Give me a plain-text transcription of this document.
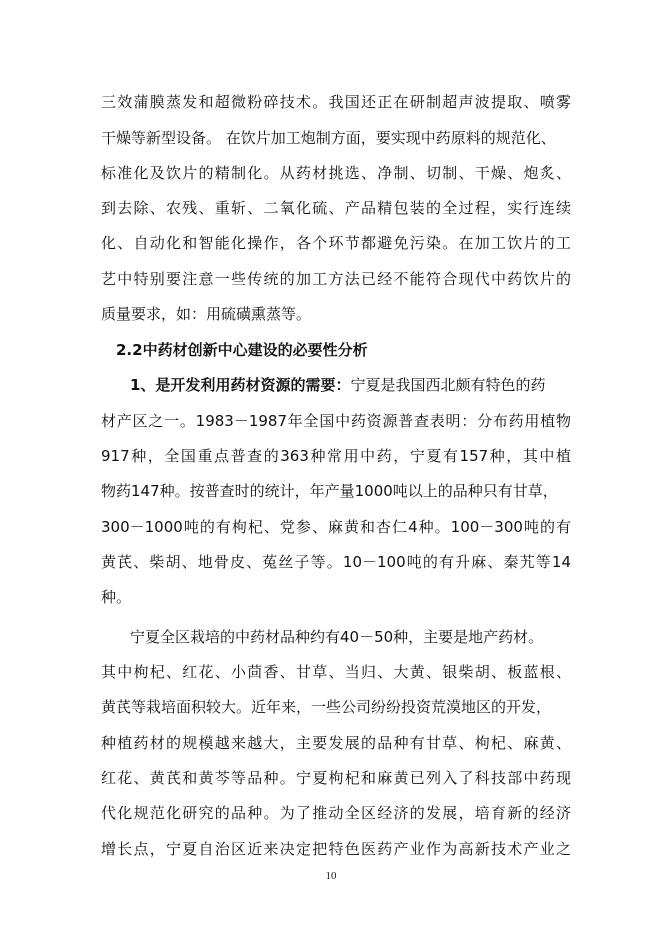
三效蒲膜蒸发和超微粉碎技术。我国还正在研制超声波提取、喷雾
干燥等新型设备。 在饮片加工炮制方面，要实现中药原料的规范化、
标准化及饮片的精制化。从药材挑选、净制、切制、干燥、炮炙、
到去除、农残、重斩、二氧化硫、产品精包装的全过程，实行连续
化、自动化和智能化操作，各个环节都避免污染。在加工饮片的工
艺中特别要注意一些传统的加工方法已经不能符合现代中药饮片的
质量要求，如：用硫磺熏蒸等。
2.2中药材创新中心建设的必要性分析
1、是开发利用药材资源的需要：宁夏是我国西北颇有特色的药
材产区之一。1983－1987年全国中药资源普查表明：分布药用植物
917种，全国重点普查的363种常用中药，宁夏有157种，其中植
物药147种。按普查时的统计，年产量1000吨以上的品种只有甘草，
300－1000吨的有枸杞、党参、麻黄和杏仁4种。100－300吨的有
黄芪、柴胡、地骨皮、菟丝子等。10－100吨的有升麻、秦艽等14
种。
宁夏全区栽培的中药材品种约有40－50种，主要是地产药材。
其中枸杞、红花、小茴香、甘草、当归、大黄、银柴胡、板蓝根、
黄芪等栽培面积较大。近年来，一些公司纷纷投资荒漠地区的开发，
种植药材的规模越来越大，主要发展的品种有甘草、枸杞、麻黄、
红花、黄芪和黄芩等品种。宁夏枸杞和麻黄已列入了科技部中药现
代化规范化研究的品种。为了推动全区经济的发展，培育新的经济
增长点，宁夏自治区近来决定把特色医药产业作为高新技术产业之
10
